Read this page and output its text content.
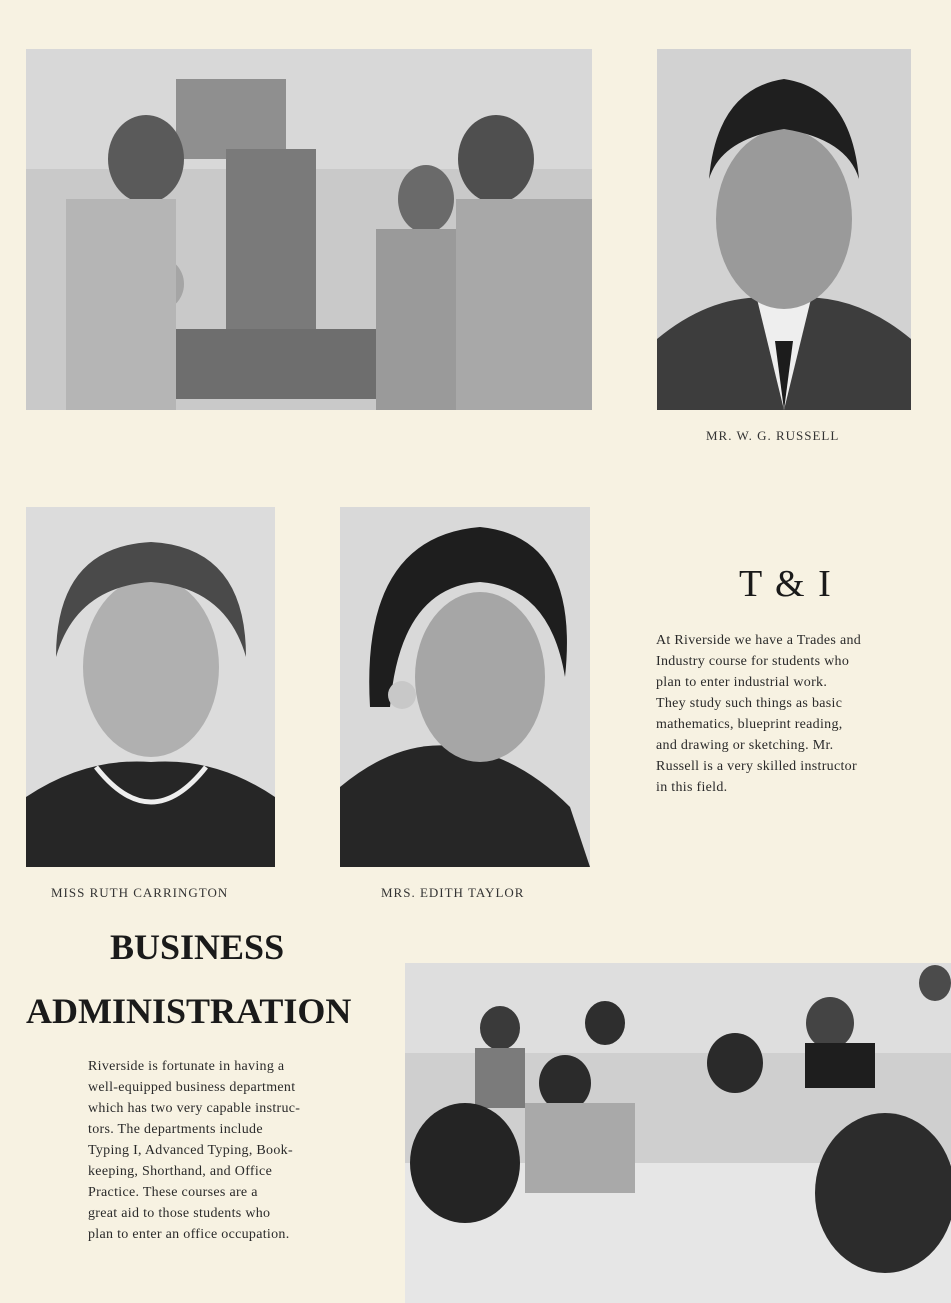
MR. W. G. RUSSELL
MISS RUTH CARRINGTON	MRS. EDITH TAYLOR
T & I
At Riverside we have a Trades and
Industry course for students who
plan to enter industrial work.
They study such things as basic
mathematics, blueprint reading,
and drawing or sketching. Mr.
Russell is a very skilled instructor
in this field.
BUSINESS
ADMINISTRATION
Riverside is fortunate in having a
well-equipped business department
which has two very capable instruc-
tors. The departments include
Typing I, Advanced Typing, Book-
keeping, Shorthand, and Office
Practice. These courses are a
great aid to those students who
plan to enter an office occupation.
